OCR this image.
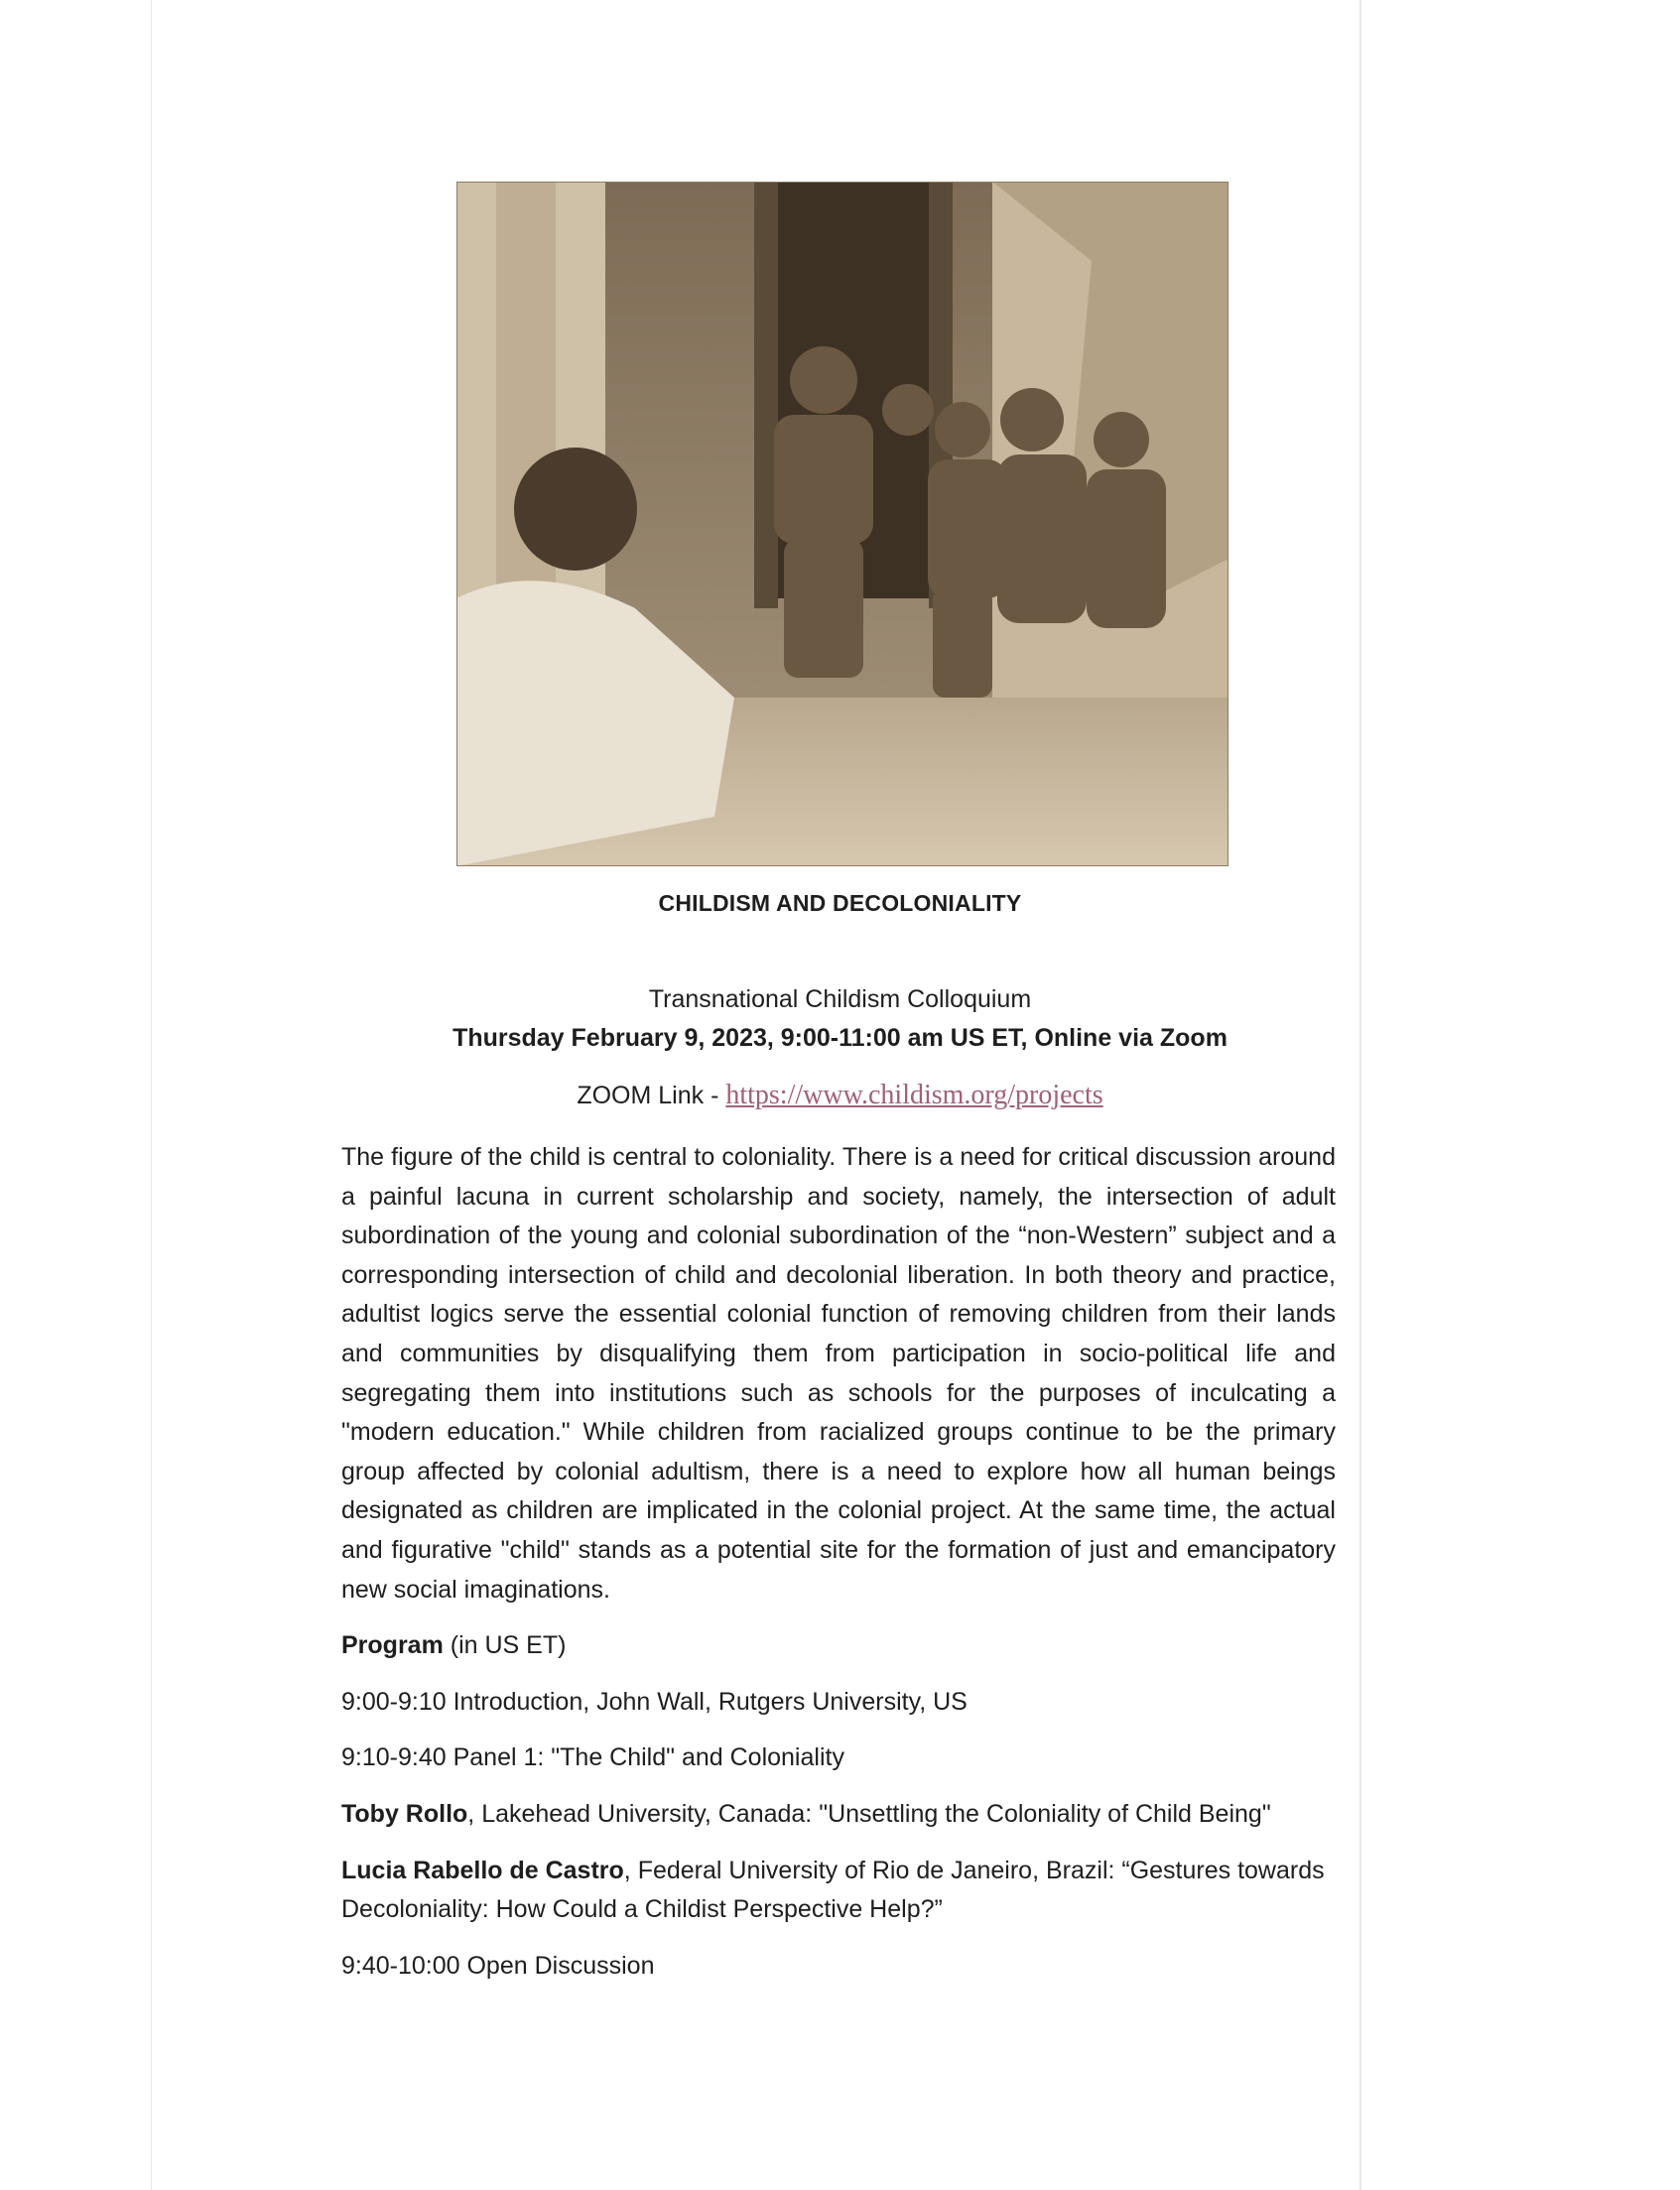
CHILDISM AND DECOLONIALITY
Transnational Childism Colloquium
Thursday February 9, 2023, 9:00-11:00 am US ET, Online via Zoom
ZOOM Link - https://www.childism.org/projects

The figure of the child is central to coloniality. There is a need for critical discussion around a painful lacuna in current scholarship and society, namely, the intersection of adult subordination of the young and colonial subordination of the “non-Western” subject and a corresponding intersection of child and decolonial liberation. In both theory and practice, adultist logics serve the essential colonial function of removing children from their lands and communities by disqualifying them from participation in socio-political life and segregating them into institutions such as schools for the purposes of inculcating a "modern education." While children from racialized groups continue to be the primary group affected by colonial adultism, there is a need to explore how all human beings designated as children are implicated in the colonial project. At the same time, the actual and figurative "child" stands as a potential site for the formation of just and emancipatory new social imaginations.

Program (in US ET)

9:00-9:10 Introduction, John Wall, Rutgers University, US

9:10-9:40 Panel 1: "The Child" and Coloniality

Toby Rollo, Lakehead University, Canada: "Unsettling the Coloniality of Child Being"

Lucia Rabello de Castro, Federal University of Rio de Janeiro, Brazil: “Gestures towards Decoloniality: How Could a Childist Perspective Help?”

9:40-10:00 Open Discussion
